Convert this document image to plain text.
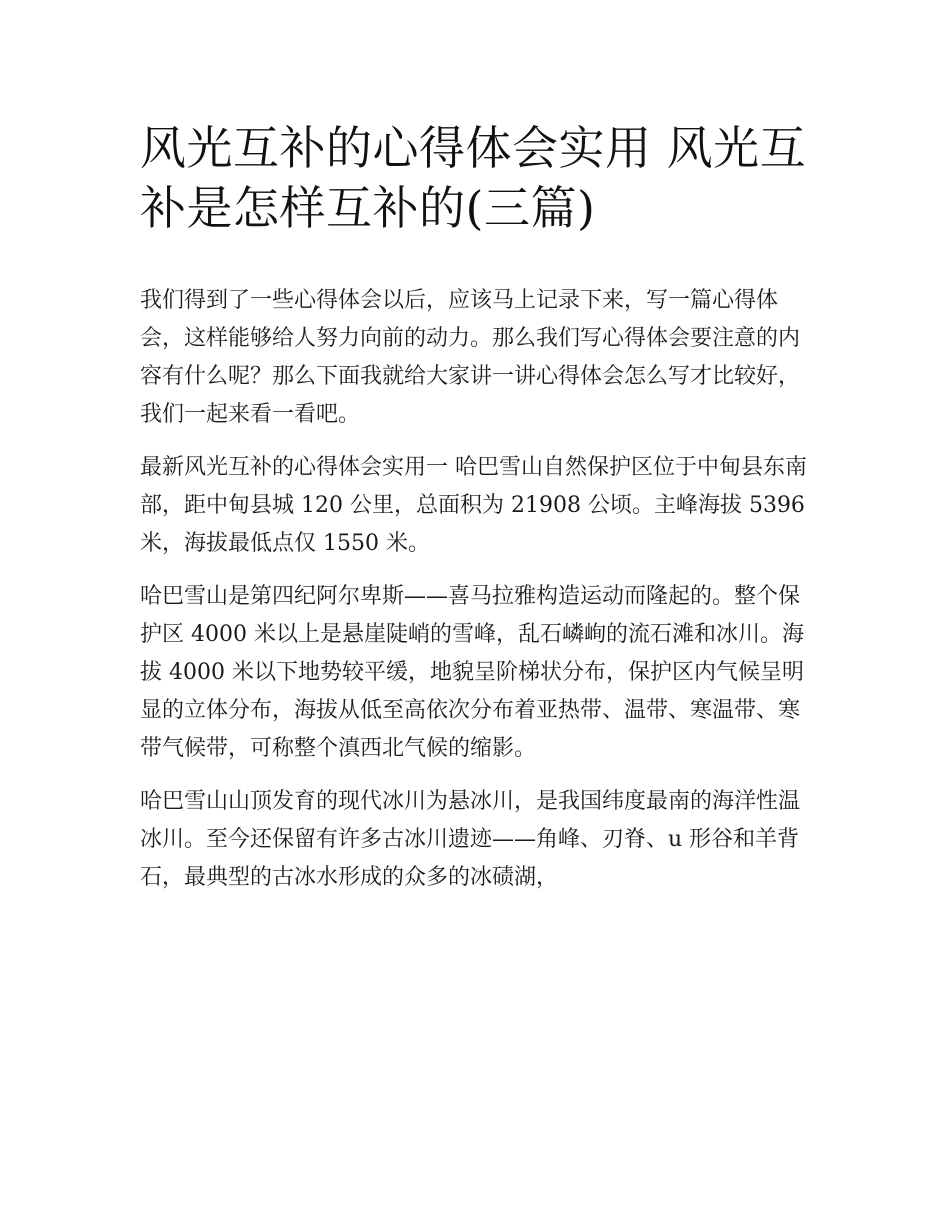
风光互补的心得体会实用 风光互补是怎样互补的(三篇)

我们得到了一些心得体会以后，应该马上记录下来，写一篇心得体会，这样能够给人努力向前的动力。那么我们写心得体会要注意的内容有什么呢？那么下面我就给大家讲一讲心得体会怎么写才比较好，我们一起来看一看吧。

最新风光互补的心得体会实用一 哈巴雪山自然保护区位于中甸县东南部，距中甸县城 120 公里，总面积为 21908 公顷。主峰海拔 5396 米，海拔最低点仅 1550 米。

哈巴雪山是第四纪阿尔卑斯——喜马拉雅构造运动而隆起的。整个保护区 4000 米以上是悬崖陡峭的雪峰，乱石嶙峋的流石滩和冰川。海拔 4000 米以下地势较平缓，地貌呈阶梯状分布，保护区内气候呈明显的立体分布，海拔从低至高依次分布着亚热带、温带、寒温带、寒带气候带，可称整个滇西北气候的缩影。

哈巴雪山山顶发育的现代冰川为悬冰川，是我国纬度最南的海洋性温冰川。至今还保留有许多古冰川遗迹——角峰、刃脊、u 形谷和羊背石，最典型的古冰水形成的众多的冰碛湖，
